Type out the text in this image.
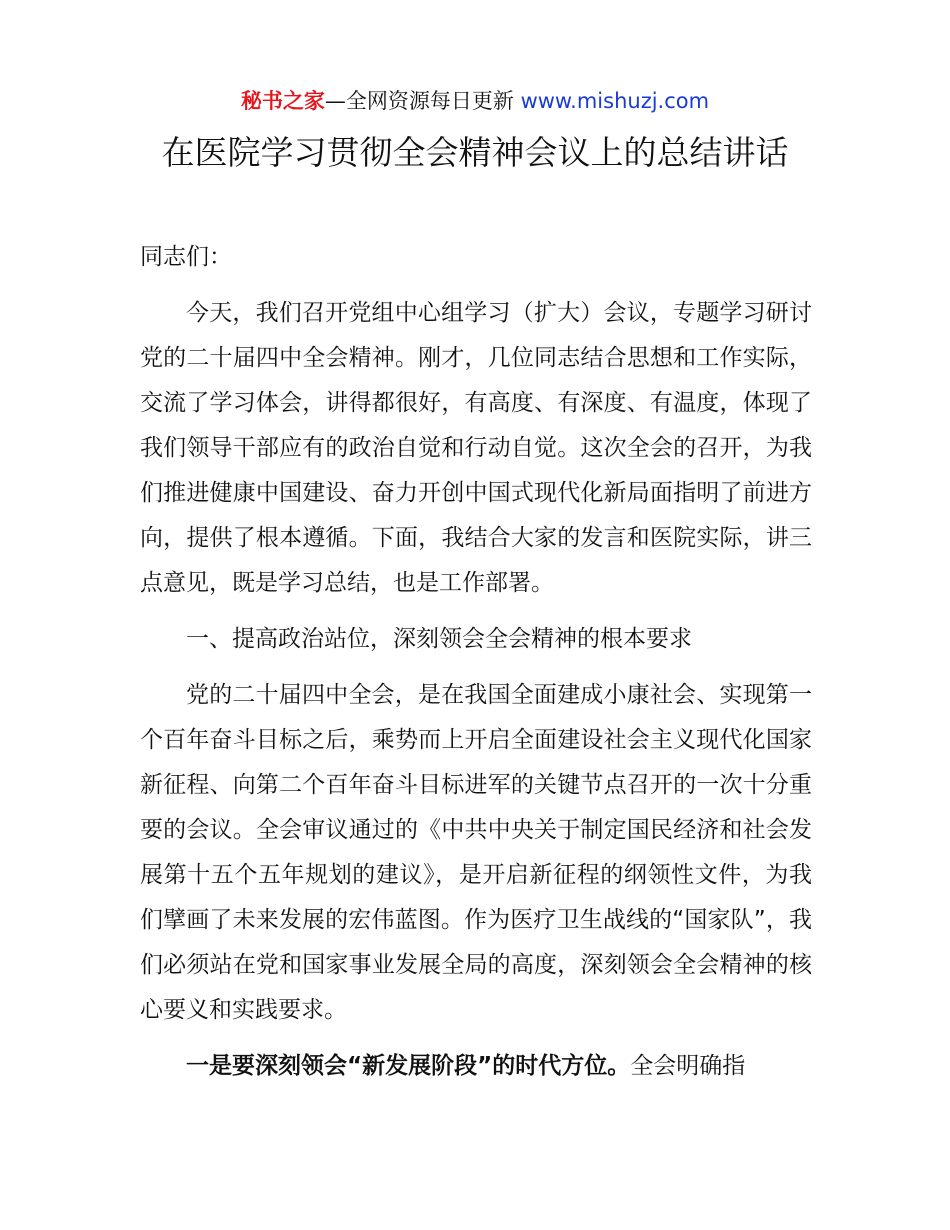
秘书之家—全网资源每日更新 www.mishuzj.com
在医院学习贯彻全会精神会议上的总结讲话

同志们：

今天，我们召开党组中心组学习（扩大）会议，专题学习研讨党的二十届四中全会精神。刚才，几位同志结合思想和工作实际，交流了学习体会，讲得都很好，有高度、有深度、有温度，体现了我们领导干部应有的政治自觉和行动自觉。这次全会的召开，为我们推进健康中国建设、奋力开创中国式现代化新局面指明了前进方向，提供了根本遵循。下面，我结合大家的发言和医院实际，讲三点意见，既是学习总结，也是工作部署。

一、提高政治站位，深刻领会全会精神的根本要求

党的二十届四中全会，是在我国全面建成小康社会、实现第一个百年奋斗目标之后，乘势而上开启全面建设社会主义现代化国家新征程、向第二个百年奋斗目标进军的关键节点召开的一次十分重要的会议。全会审议通过的《中共中央关于制定国民经济和社会发展第十五个五年规划的建议》，是开启新征程的纲领性文件，为我们擘画了未来发展的宏伟蓝图。作为医疗卫生战线的“国家队”，我们必须站在党和国家事业发展全局的高度，深刻领会全会精神的核心要义和实践要求。

一是要深刻领会“新发展阶段”的时代方位。全会明确指
